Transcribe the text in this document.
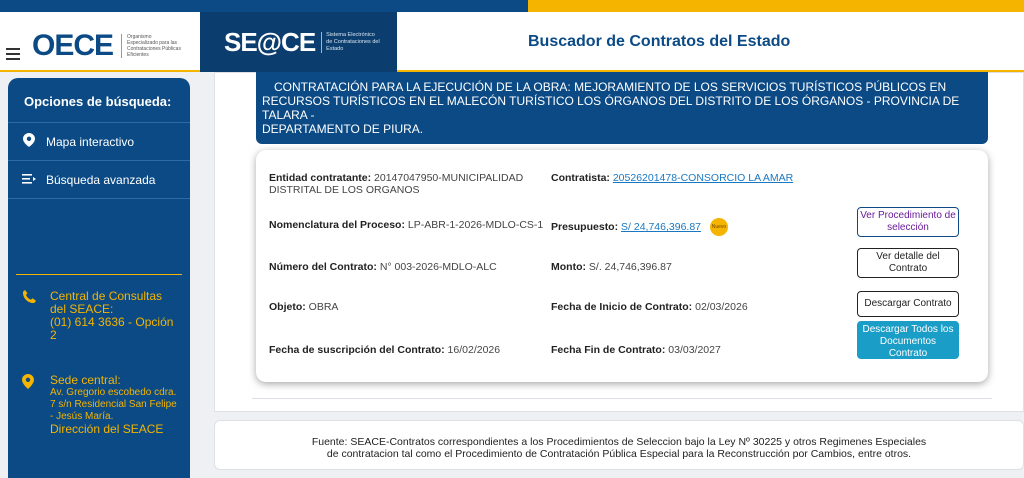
OECE	Organismo Especializado para las Contrataciones Públicas Eficientes	SE@CE	Sistema Electrónico de Contrataciones del Estado	Buscador de Contratos del Estado
Opciones de búsqueda:
Mapa interactivo
Búsqueda avanzada
Central de Consultas del SEACE:
(01) 614 3636 - Opción 2
Sede central:
Av. Gregorio escobedo cdra. 7 s/n Residencial San Felipe - Jesús María.
Dirección del SEACE
CONTRATACIÓN PARA LA EJECUCIÓN DE LA OBRA: MEJORAMIENTO DE LOS SERVICIOS TURÍSTICOS PÚBLICOS EN
RECURSOS TURÍSTICOS EN EL MALECÓN TURÍSTICO LOS ÓRGANOS DEL DISTRITO DE LOS ÓRGANOS - PROVINCIA DE TALARA -
DEPARTAMENTO DE PIURA.
Entidad contratante: 20147047950-MUNICIPALIDAD DISTRITAL DE LOS ORGANOS
Contratista: 20526201478-CONSORCIO LA AMAR
Nomenclatura del Proceso: LP-ABR-1-2026-MDLO-CS-1 Presupuesto: S/ 24,746,396.87 Nuevo
Número del Contrato: N° 003-2026-MDLO-ALC	Monto: S/. 24,746,396.87
Objeto: OBRA	Fecha de Inicio de Contrato: 02/03/2026
Fecha de suscripción del Contrato: 16/02/2026	Fecha Fin de Contrato: 03/03/2027
Ver Procedimiento de selección
Ver detalle del Contrato
Descargar Contrato
Descargar Todos los Documentos Contrato
Fuente: SEACE-Contratos correspondientes a los Procedimientos de Seleccion bajo la Ley Nº 30225 y otros Regimenes Especiales
de contratacion tal como el Procedimiento de Contratación Pública Especial para la Reconstrucción por Cambios, entre otros.
